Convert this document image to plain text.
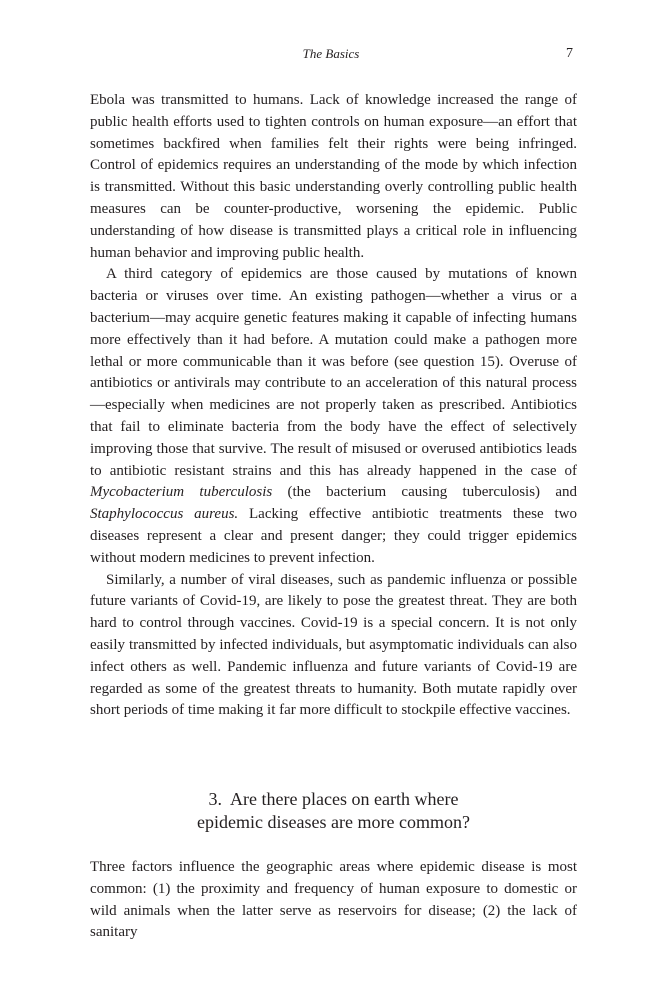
The Basics	7

Ebola was transmitted to humans. Lack of knowledge increased the range of public health efforts used to tighten controls on human exposure—an effort that sometimes backfired when families felt their rights were being infringed. Control of epidemics requires an understanding of the mode by which infection is transmitted. Without this basic understanding overly controlling public health measures can be counter-productive, worsening the epidemic. Public understanding of how disease is transmitted plays a critical role in influencing human behavior and improving public health.

A third category of epidemics are those caused by mutations of known bacteria or viruses over time. An existing pathogen—whether a virus or a bacterium—may acquire genetic features making it capable of infecting humans more effectively than it had before. A mutation could make a pathogen more lethal or more communicable than it was before (see question 15). Overuse of antibiotics or antivirals may contribute to an acceleration of this natural process—especially when medicines are not properly taken as prescribed. Antibiotics that fail to eliminate bacteria from the body have the effect of selectively improving those that survive. The result of misused or overused antibiotics leads to antibiotic resistant strains and this has already happened in the case of Mycobacterium tuberculosis (the bacterium causing tuberculosis) and Staphylococcus aureus. Lacking effective antibiotic treatments these two diseases represent a clear and present danger; they could trigger epidemics without modern medicines to prevent infection.

Similarly, a number of viral diseases, such as pandemic influenza or possible future variants of Covid-19, are likely to pose the greatest threat. They are both hard to control through vaccines. Covid-19 is a special concern. It is not only easily transmitted by infected individuals, but asymptomatic individuals can also infect others as well. Pandemic influenza and future variants of Covid-19 are regarded as some of the greatest threats to humanity. Both mutate rapidly over short periods of time making it far more difficult to stockpile effective vaccines.

3.  Are there places on earth where
epidemic diseases are more common?

Three factors influence the geographic areas where epidemic disease is most common: (1) the proximity and frequency of human exposure to domestic or wild animals when the latter serve as reservoirs for disease; (2) the lack of sanitary
